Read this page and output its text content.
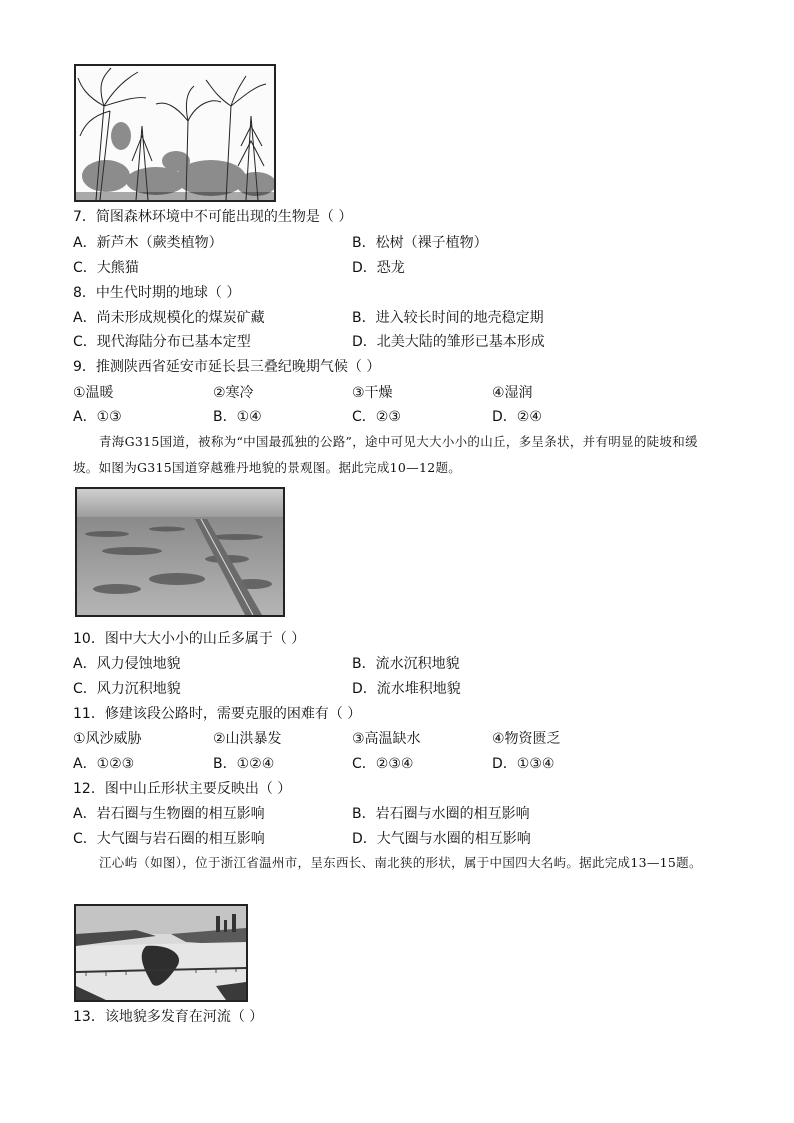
7．简图森林环境中不可能出现的生物是（ ）
A．新芦木（蕨类植物）	B．松树（裸子植物）
C．大熊猫	D．恐龙
8．中生代时期的地球（ ）
A．尚未形成规模化的煤炭矿藏	B．进入较长时间的地壳稳定期
C．现代海陆分布已基本定型	D．北美大陆的雏形已基本形成
9．推测陕西省延安市延长县三叠纪晚期气候（ ）
①温暖	②寒冷	③干燥	④湿润
A．①③	B．①④	C．②③	D．②④
青海G315国道，被称为“中国最孤独的公路”，途中可见大大小小的山丘，多呈条状，并有明显的陡坡和缓坡。如图为G315国道穿越雅丹地貌的景观图。据此完成10—12题。
10．图中大大小小的山丘多属于（ ）
A．风力侵蚀地貌	B．流水沉积地貌
C．风力沉积地貌	D．流水堆积地貌
11．修建该段公路时，需要克服的困难有（ ）
①风沙威胁	②山洪暴发	③高温缺水	④物资匮乏
A．①②③	B．①②④	C．②③④	D．①③④
12．图中山丘形状主要反映出（ ）
A．岩石圈与生物圈的相互影响	B．岩石圈与水圈的相互影响
C．大气圈与岩石圈的相互影响	D．大气圈与水圈的相互影响
江心屿（如图），位于浙江省温州市，呈东西长、南北狭的形状，属于中国四大名屿。据此完成13—15题。
13．该地貌多发育在河流（ ）
